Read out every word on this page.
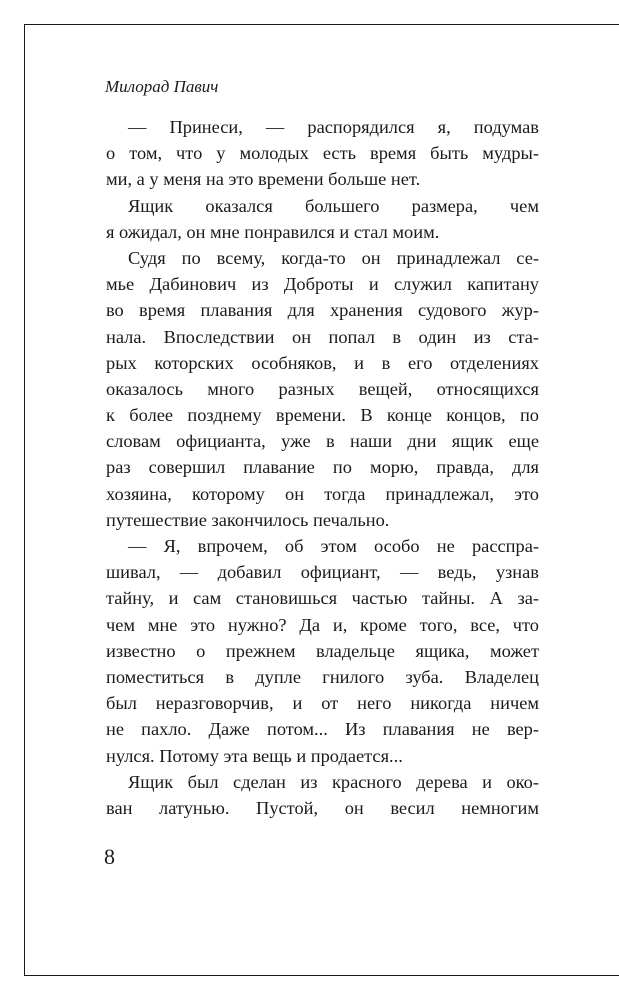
Милорад Павич
— Принеси, — распорядился я, подумав
о том, что у молодых есть время быть мудры-
ми, а у меня на это времени больше нет.
Ящик оказался большего размера, чем
я ожидал, он мне понравился и стал моим.
Судя по всему, когда-то он принадлежал се-
мье Дабинович из Доброты и служил капитану
во время плавания для хранения судового жур-
нала. Впоследствии он попал в один из ста-
рых которских особняков, и в его отделениях
оказалось много разных вещей, относящихся
к более позднему времени. В конце концов, по
словам официанта, уже в наши дни ящик еще
раз совершил плавание по морю, правда, для
хозяина, которому он тогда принадлежал, это
путешествие закончилось печально.
— Я, впрочем, об этом особо не расспра-
шивал, — добавил официант, — ведь, узнав
тайну, и сам становишься частью тайны. А за-
чем мне это нужно? Да и, кроме того, все, что
известно о прежнем владельце ящика, может
поместиться в дупле гнилого зуба. Владелец
был неразговорчив, и от него никогда ничем
не пахло. Даже потом... Из плавания не вер-
нулся. Потому эта вещь и продается...
Ящик был сделан из красного дерева и око-
ван латунью. Пустой, он весил немногим
8
